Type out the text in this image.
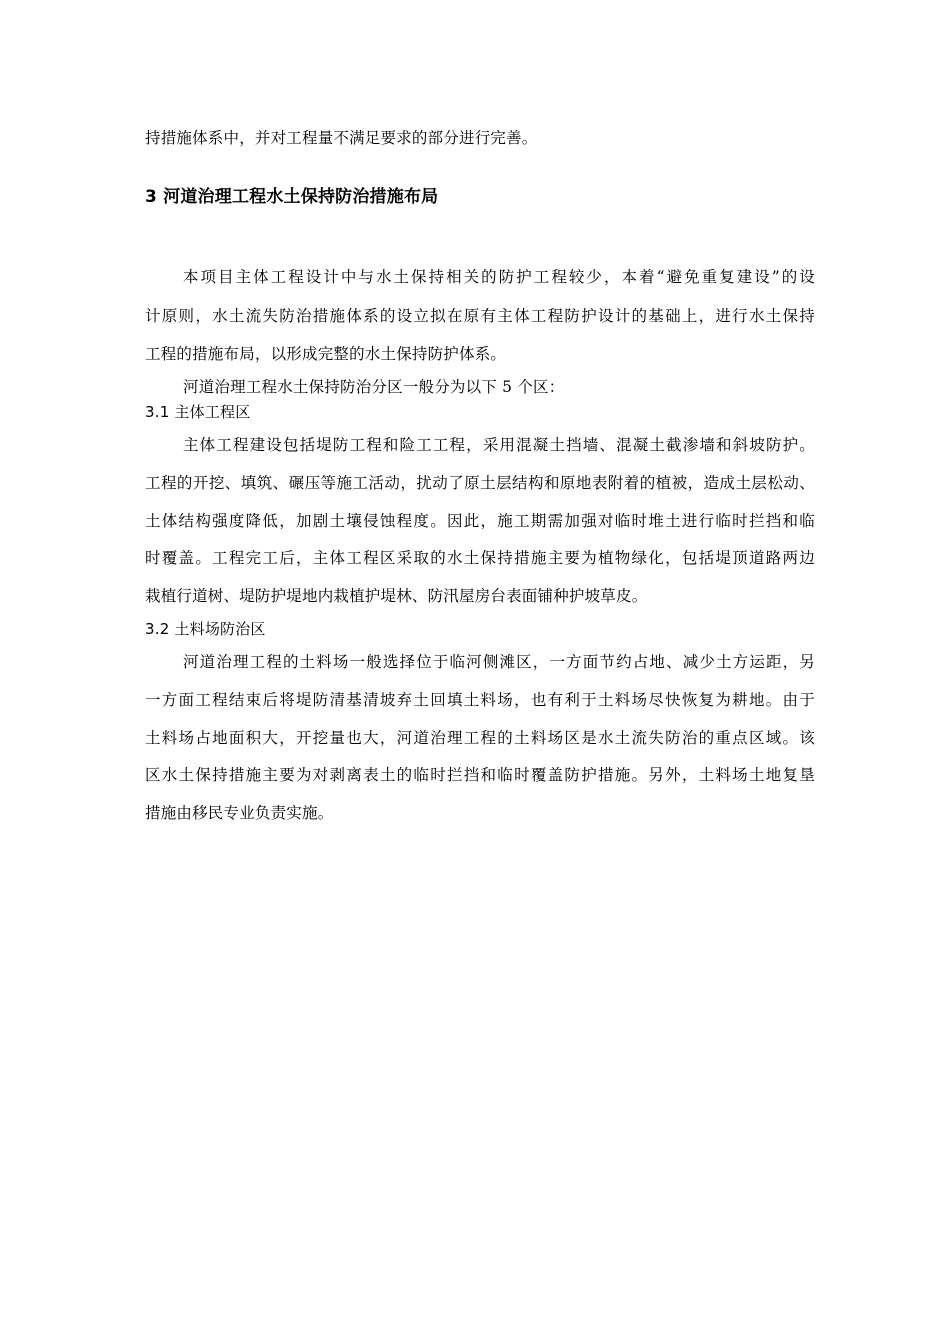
持措施体系中，并对工程量不满足要求的部分进行完善。
3 河道治理工程水土保持防治措施布局
本项目主体工程设计中与水土保持相关的防护工程较少，本着“避免重复建设”的设
计原则，水土流失防治措施体系的设立拟在原有主体工程防护设计的基础上，进行水土保持
工程的措施布局，以形成完整的水土保持防护体系。
河道治理工程水土保持防治分区一般分为以下 5 个区：
3.1 主体工程区
主体工程建设包括堤防工程和险工工程，采用混凝土挡墙、混凝土截渗墙和斜坡防护。
工程的开挖、填筑、碾压等施工活动，扰动了原土层结构和原地表附着的植被，造成土层松动、
土体结构强度降低，加剧土壤侵蚀程度。因此，施工期需加强对临时堆土进行临时拦挡和临
时覆盖。工程完工后，主体工程区采取的水土保持措施主要为植物绿化，包括堤顶道路两边
栽植行道树、堤防护堤地内栽植护堤林、防汛屋房台表面铺种护坡草皮。
3.2 土料场防治区
河道治理工程的土料场一般选择位于临河侧滩区，一方面节约占地、减少土方运距，另
一方面工程结束后将堤防清基清坡弃土回填土料场，也有利于土料场尽快恢复为耕地。由于
土料场占地面积大，开挖量也大，河道治理工程的土料场区是水土流失防治的重点区域。该
区水土保持措施主要为对剥离表土的临时拦挡和临时覆盖防护措施。另外，土料场土地复垦
措施由移民专业负责实施。
